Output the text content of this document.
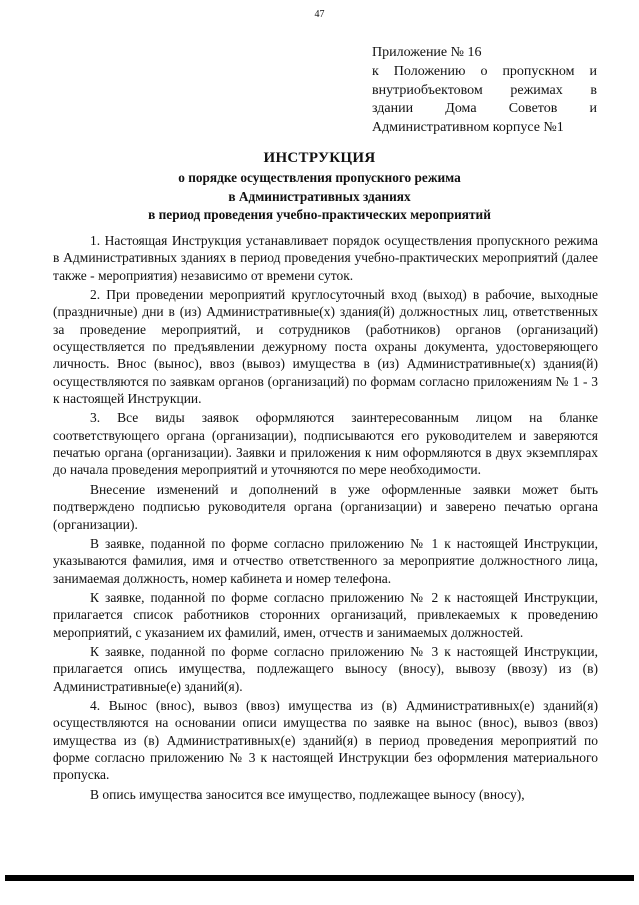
47
Приложение № 16
к Положению о пропускном и
внутриобъектовом режимах в
здании Дома Советов и
Административном корпусе №1
ИНСТРУКЦИЯ
о порядке осуществления пропускного режима
в Административных зданиях
в период проведения учебно-практических мероприятий

1. Настоящая Инструкция устанавливает порядок осуществления пропускного режима в Административных зданиях в период проведения учебно-практических мероприятий (далее также - мероприятия) независимо от времени суток.

2. При проведении мероприятий круглосуточный вход (выход) в рабочие, выходные (праздничные) дни в (из) Административные(х) здания(й) должностных лиц, ответственных за проведение мероприятий, и сотрудников (работников) органов (организаций) осуществляется по предъявлении дежурному поста охраны документа, удостоверяющего личность. Внос (вынос), ввоз (вывоз) имущества в (из) Административные(х) здания(й) осуществляются по заявкам органов (организаций) по формам согласно приложениям № 1 - 3 к настоящей Инструкции.

3. Все виды заявок оформляются заинтересованным лицом на бланке соответствующего органа (организации), подписываются его руководителем и заверяются печатью органа (организации). Заявки и приложения к ним оформляются в двух экземплярах до начала проведения мероприятий и уточняются по мере необходимости.

Внесение изменений и дополнений в уже оформленные заявки может быть подтверждено подписью руководителя органа (организации) и заверено печатью органа (организации).

В заявке, поданной по форме согласно приложению № 1 к настоящей Инструкции, указываются фамилия, имя и отчество ответственного за мероприятие должностного лица, занимаемая должность, номер кабинета и номер телефона.

К заявке, поданной по форме согласно приложению № 2 к настоящей Инструкции, прилагается список работников сторонних организаций, привлекаемых к проведению мероприятий, с указанием их фамилий, имен, отчеств и занимаемых должностей.

К заявке, поданной по форме согласно приложению № 3 к настоящей Инструкции, прилагается опись имущества, подлежащего выносу (вносу), вывозу (ввозу) из (в) Административные(е) зданий(я).

4. Вынос (внос), вывоз (ввоз) имущества из (в) Административных(е) зданий(я) осуществляются на основании описи имущества по заявке на вынос (внос), вывоз (ввоз) имущества из (в) Административных(е) зданий(я) в период проведения мероприятий по форме согласно приложению № 3 к настоящей Инструкции без оформления материального пропуска.

В опись имущества заносится все имущество, подлежащее выносу (вносу),
